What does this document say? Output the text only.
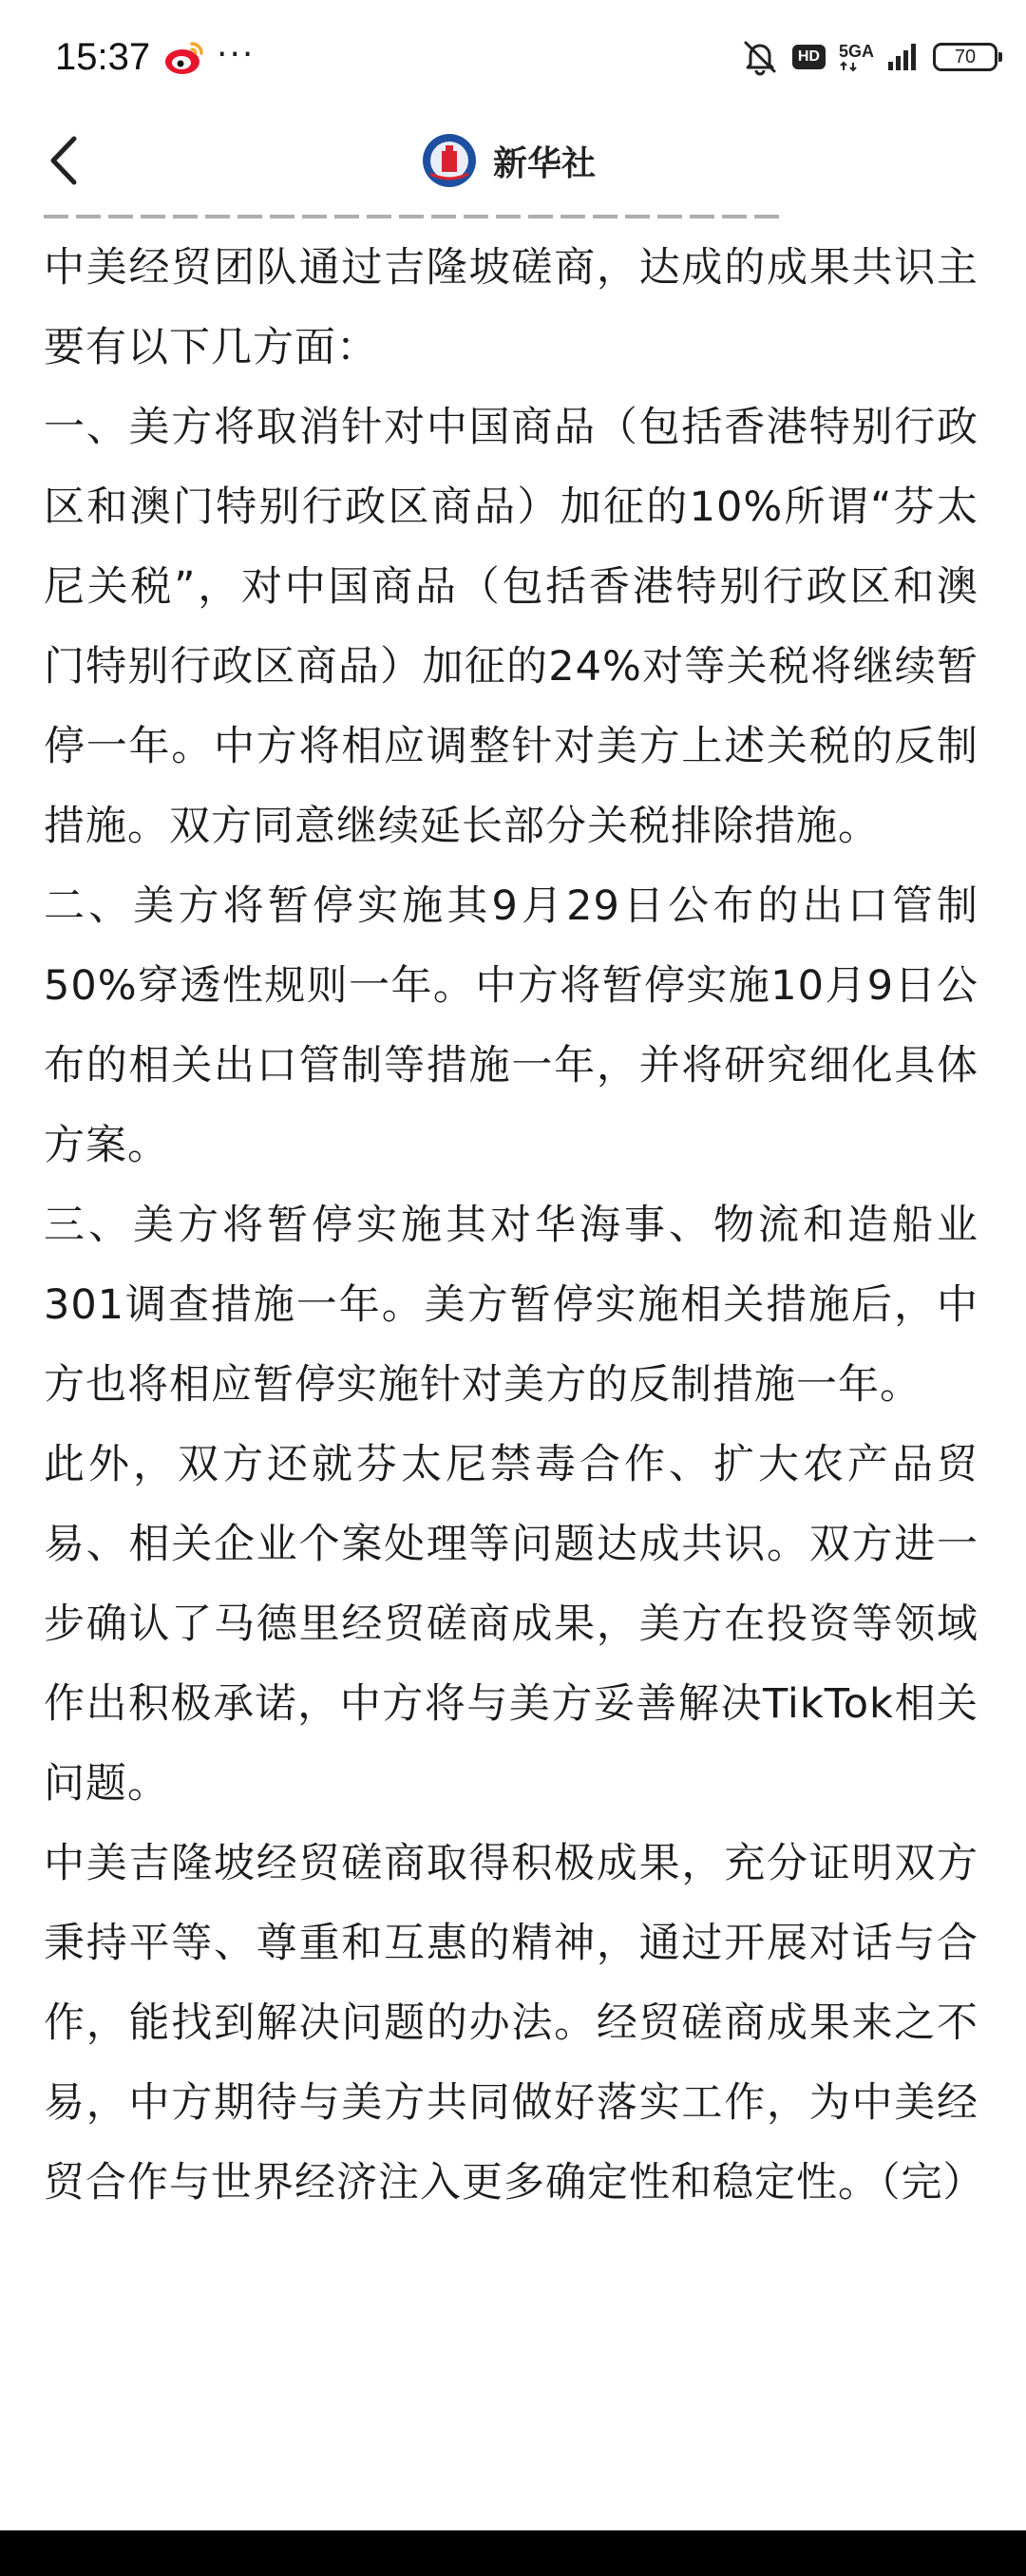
15:37 ···	HD	5GA	70
新华社

中美经贸团队通过吉隆坡磋商，达成的成果共识主要有以下几方面：

一、美方将取消针对中国商品（包括香港特别行政区和澳门特别行政区商品）加征的10%所谓“芬太尼关税”，对中国商品（包括香港特别行政区和澳门特别行政区商品）加征的24%对等关税将继续暂停一年。中方将相应调整针对美方上述关税的反制措施。双方同意继续延长部分关税排除措施。

二、美方将暂停实施其9月29日公布的出口管制50%穿透性规则一年。中方将暂停实施10月9日公布的相关出口管制等措施一年，并将研究细化具体方案。

三、美方将暂停实施其对华海事、物流和造船业301调查措施一年。美方暂停实施相关措施后，中方也将相应暂停实施针对美方的反制措施一年。

此外，双方还就芬太尼禁毒合作、扩大农产品贸易、相关企业个案处理等问题达成共识。双方进一步确认了马德里经贸磋商成果，美方在投资等领域作出积极承诺，中方将与美方妥善解决TikTok相关问题。

中美吉隆坡经贸磋商取得积极成果，充分证明双方秉持平等、尊重和互惠的精神，通过开展对话与合作，能找到解决问题的办法。经贸磋商成果来之不易，中方期待与美方共同做好落实工作，为中美经贸合作与世界经济注入更多确定性和稳定性。（完）
